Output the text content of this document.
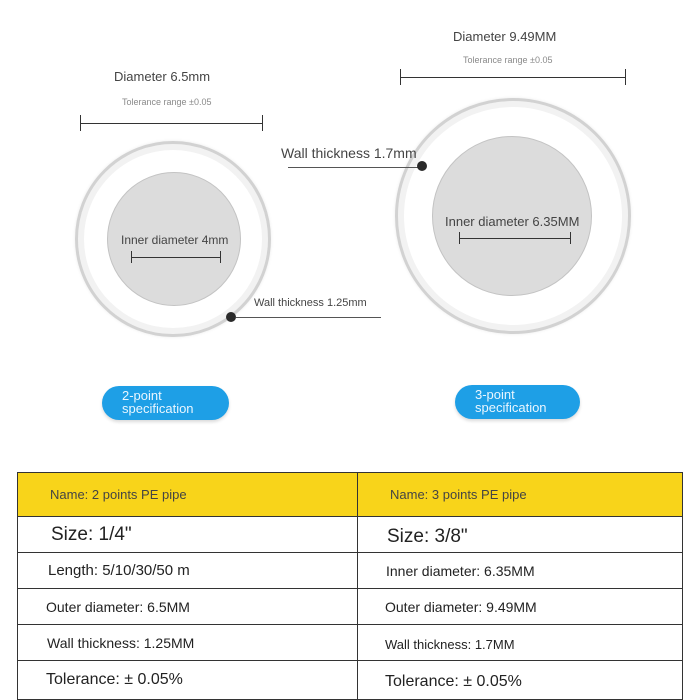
Diameter 6.5mm
Tolerance range ±0.05
Inner diameter 4mm
Wall thickness 1.25mm
2-point specification
Diameter 9.49MM
Tolerance range ±0.05
Inner diameter 6.35MM
Wall thickness 1.7mm
3-point specification
Name: 2 points PE pipe	Name: 3 points PE pipe

Size: 1/4"	Size: 3/8"

Length: 5/10/30/50 m	Inner diameter: 6.35MM

Outer diameter: 6.5MM	Outer diameter: 9.49MM

Wall thickness: 1.25MM	Wall thickness: 1.7MM

Tolerance: ± 0.05%	Tolerance: ± 0.05%
